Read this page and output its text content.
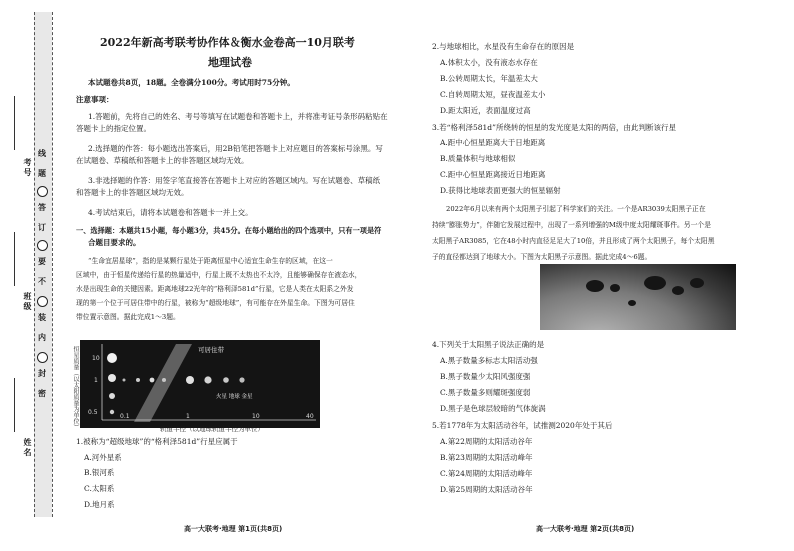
考号
班级
姓名
线
题
答
订
要
不
装
内
封
密
2022年新高考联考协作体＆衡水金卷高一10月联考
地理试卷
本试题卷共8页，18题。全卷满分100分。考试用时75分钟。
注意事项：
1.答题前，先将自己的姓名、考号等填写在试题卷和答题卡上，并将准考证号条形码粘贴在
答题卡上的指定位置。
2.选择题的作答：每小题选出答案后，用2B铅笔把答题卡上对应题目的答案标号涂黑。写
在试题卷、草稿纸和答题卡上的非答题区域均无效。
3.非选择题的作答：用签字笔直接答在答题卡上对应的答题区域内。写在试题卷、草稿纸
和答题卡上的非答题区域均无效。
4.考试结束后，请将本试题卷和答题卡一并上交。
一、选择题：本题共15小题，每小题3分，共45分。在每小题给出的四个选项中，只有一项是符
合题目要求的。
“生命宜居星球”，指的是某颗行星处于距离恒星中心适宜生命生存的区域，在这一
区域中，由于恒星传递给行星的热量适中，行星上既不太热也不太冷，且能够确保存在液态水，
水是出现生命的关键因素。距离地球22光年的“格利泽581d”行星，它是人类在太阳系之外发
现的第一个位于可居住带中的行星，被称为“超级地球”，有可能存在外星生命。下图为可居住
带位置示意图。据此完成1～3题。
10
1
0.5
0.1	1	10	40
可居住带
火星 地球 金星
恒星质量（以太阳质量为单位）	轨道半径（以地球轨道半径为单位）
1.被称为“超级地球”的“格利泽581d”行星应属于
A.河外星系
B.银河系
C.太阳系
D.地月系
高一大联考·地理 第1页(共8页)
2.与地球相比，水星没有生命存在的原因是
A.体积太小，没有液态水存在
B.公转周期太长，年温差太大
C.自转周期太短，昼夜温差太小
D.距太阳近，表面温度过高
3.若“格利泽581d”所绕转的恒星的发光度是太阳的两倍，由此判断该行星
A.距中心恒星距离大于日地距离
B.质量体积与地球相似
C.距中心恒星距离接近日地距离
D.获得比地球表面更强大的恒星辐射
2022年6月以来有两个太阳黑子引起了科学家们的关注。一个是AR3039太阳黑子正在
持续“膨胀势力”，伴随它发展过程中，出现了一系列增强的M级中度太阳耀斑事件。另一个是
太阳黑子AR3085，它在48小时内直径足足大了10倍，并且形成了两个太阳黑子，每个太阳黑
子的直径都达到了地球大小。下图为太阳黑子示意图。据此完成4～6题。
4.下列关于太阳黑子说法正确的是
A.黑子数量多标志太阳活动强
B.黑子数量少太阳风强度强
C.黑子数量多则耀斑强度弱
D.黑子是色球层较暗的气体旋涡
5.若1778年为太阳活动谷年，试推测2020年处于其后
A.第22周期的太阳活动谷年
B.第23周期的太阳活动峰年
C.第24周期的太阳活动峰年
D.第25周期的太阳活动谷年
高一大联考·地理 第2页(共8页)
